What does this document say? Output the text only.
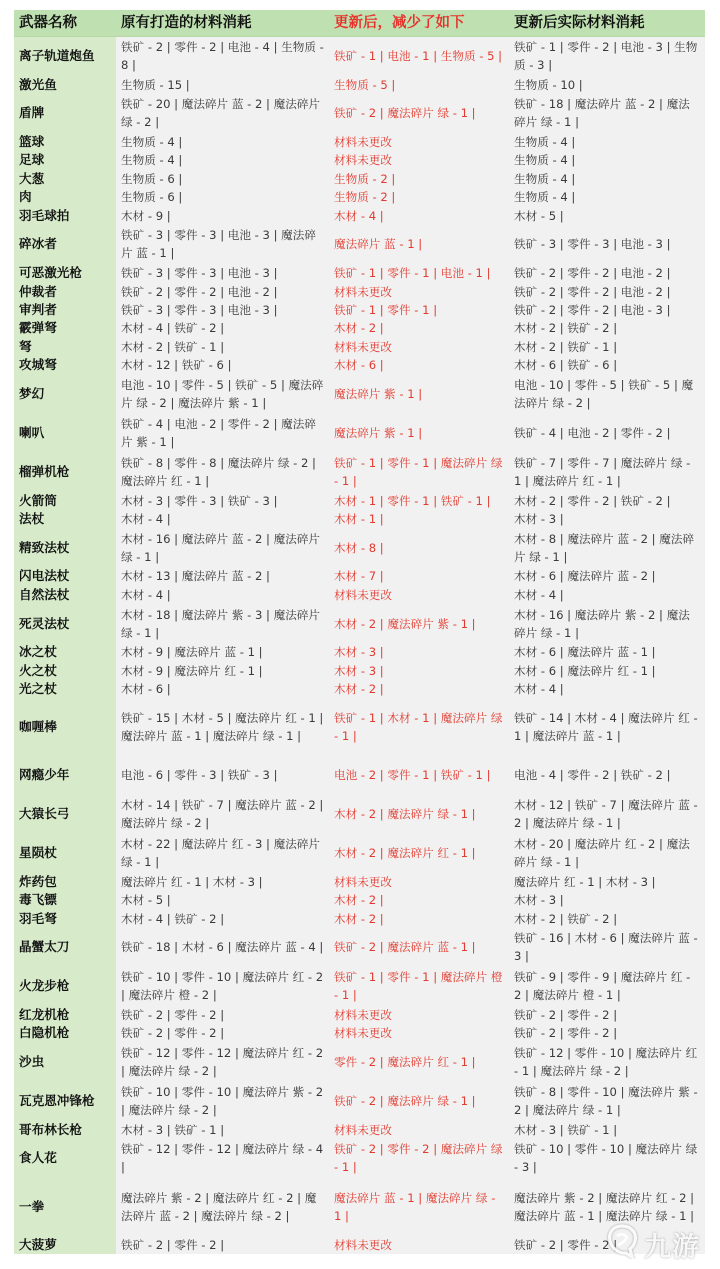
武器名称	原有打造的材料消耗	更新后，减少了如下	更新后实际材料消耗
离子轨道炮鱼	铁矿 - 2 | 零件 - 2 | 电池 - 4 | 生物质 - 8 |	铁矿 - 1 | 电池 - 1 | 生物质 - 5 |	铁矿 - 1 | 零件 - 2 | 电池 - 3 | 生物质 - 3 |
激光鱼	生物质 - 15 |	生物质 - 5 |	生物质 - 10 |
盾牌	铁矿 - 20 | 魔法碎片 蓝 - 2 | 魔法碎片 绿 - 2 |	铁矿 - 2 | 魔法碎片 绿 - 1 |	铁矿 - 18 | 魔法碎片 蓝 - 2 | 魔法碎片 绿 - 1 |
篮球	生物质 - 4 |	材料未更改	生物质 - 4 |
足球	生物质 - 4 |	材料未更改	生物质 - 4 |
大葱	生物质 - 6 |	生物质 - 2 |	生物质 - 4 |
肉	生物质 - 6 |	生物质 - 2 |	生物质 - 4 |
羽毛球拍	木材 - 9 |	木材 - 4 |	木材 - 5 |
碎冰者	铁矿 - 3 | 零件 - 3 | 电池 - 3 | 魔法碎片 蓝 - 1 |	魔法碎片 蓝 - 1 |	铁矿 - 3 | 零件 - 3 | 电池 - 3 |
可恶激光枪	铁矿 - 3 | 零件 - 3 | 电池 - 3 |	铁矿 - 1 | 零件 - 1 | 电池 - 1 |	铁矿 - 2 | 零件 - 2 | 电池 - 2 |
仲裁者	铁矿 - 2 | 零件 - 2 | 电池 - 2 |	材料未更改	铁矿 - 2 | 零件 - 2 | 电池 - 2 |
审判者	铁矿 - 3 | 零件 - 3 | 电池 - 3 |	铁矿 - 1 | 零件 - 1 |	铁矿 - 2 | 零件 - 2 | 电池 - 3 |
霰弹弩	木材 - 4 | 铁矿 - 2 |	木材 - 2 |	木材 - 2 | 铁矿 - 2 |
弩	木材 - 2 | 铁矿 - 1 |	材料未更改	木材 - 2 | 铁矿 - 1 |
攻城弩	木材 - 12 | 铁矿 - 6 |	木材 - 6 |	木材 - 6 | 铁矿 - 6 |
梦幻	电池 - 10 | 零件 - 5 | 铁矿 - 5 | 魔法碎片 绿 - 2 | 魔法碎片 紫 - 1 |	魔法碎片 紫 - 1 |	电池 - 10 | 零件 - 5 | 铁矿 - 5 | 魔法碎片 绿 - 2 |
喇叭	铁矿 - 4 | 电池 - 2 | 零件 - 2 | 魔法碎片 紫 - 1 |	魔法碎片 紫 - 1 |	铁矿 - 4 | 电池 - 2 | 零件 - 2 |
榴弹机枪	铁矿 - 8 | 零件 - 8 | 魔法碎片 绿 - 2 | 魔法碎片 红 - 1 |	铁矿 - 1 | 零件 - 1 | 魔法碎片 绿 - 1 |	铁矿 - 7 | 零件 - 7 | 魔法碎片 绿 - 1 | 魔法碎片 红 - 1 |
火箭筒	木材 - 3 | 零件 - 3 | 铁矿 - 3 |	木材 - 1 | 零件 - 1 | 铁矿 - 1 |	木材 - 2 | 零件 - 2 | 铁矿 - 2 |
法杖	木材 - 4 |	木材 - 1 |	木材 - 3 |
精致法杖	木材 - 16 | 魔法碎片 蓝 - 2 | 魔法碎片 绿 - 1 |	木材 - 8 |	木材 - 8 | 魔法碎片 蓝 - 2 | 魔法碎片 绿 - 1 |
闪电法杖	木材 - 13 | 魔法碎片 蓝 - 2 |	木材 - 7 |	木材 - 6 | 魔法碎片 蓝 - 2 |
自然法杖	木材 - 4 |	材料未更改	木材 - 4 |
死灵法杖	木材 - 18 | 魔法碎片 紫 - 3 | 魔法碎片 绿 - 1 |	木材 - 2 | 魔法碎片 紫 - 1 |	木材 - 16 | 魔法碎片 紫 - 2 | 魔法碎片 绿 - 1 |
冰之杖	木材 - 9 | 魔法碎片 蓝 - 1 |	木材 - 3 |	木材 - 6 | 魔法碎片 蓝 - 1 |
火之杖	木材 - 9 | 魔法碎片 红 - 1 |	木材 - 3 |	木材 - 6 | 魔法碎片 红 - 1 |
光之杖	木材 - 6 |	木材 - 2 |	木材 - 4 |
咖喱棒	铁矿 - 15 | 木材 - 5 | 魔法碎片 红 - 1 | 魔法碎片 蓝 - 1 | 魔法碎片 绿 - 1 |	铁矿 - 1 | 木材 - 1 | 魔法碎片 绿 - 1 |	铁矿 - 14 | 木材 - 4 | 魔法碎片 红 - 1 | 魔法碎片 蓝 - 1 |
网瘾少年	电池 - 6 | 零件 - 3 | 铁矿 - 3 |	电池 - 2 | 零件 - 1 | 铁矿 - 1 |	电池 - 4 | 零件 - 2 | 铁矿 - 2 |
大猿长弓	木材 - 14 | 铁矿 - 7 | 魔法碎片 蓝 - 2 | 魔法碎片 绿 - 2 |	木材 - 2 | 魔法碎片 绿 - 1 |	木材 - 12 | 铁矿 - 7 | 魔法碎片 蓝 - 2 | 魔法碎片 绿 - 1 |
星陨杖	木材 - 22 | 魔法碎片 红 - 3 | 魔法碎片 绿 - 1 |	木材 - 2 | 魔法碎片 红 - 1 |	木材 - 20 | 魔法碎片 红 - 2 | 魔法碎片 绿 - 1 |
炸药包	魔法碎片 红 - 1 | 木材 - 3 |	材料未更改	魔法碎片 红 - 1 | 木材 - 3 |
毒飞镖	木材 - 5 |	木材 - 2 |	木材 - 3 |
羽毛弩	木材 - 4 | 铁矿 - 2 |	木材 - 2 |	木材 - 2 | 铁矿 - 2 |
晶蟹太刀	铁矿 - 18 | 木材 - 6 | 魔法碎片 蓝 - 4 |	铁矿 - 2 | 魔法碎片 蓝 - 1 |	铁矿 - 16 | 木材 - 6 | 魔法碎片 蓝 - 3 |
火龙步枪	铁矿 - 10 | 零件 - 10 | 魔法碎片 红 - 2 | 魔法碎片 橙 - 2 |	铁矿 - 1 | 零件 - 1 | 魔法碎片 橙 - 1 |	铁矿 - 9 | 零件 - 9 | 魔法碎片 红 - 2 | 魔法碎片 橙 - 1 |
红龙机枪	铁矿 - 2 | 零件 - 2 |	材料未更改	铁矿 - 2 | 零件 - 2 |
白隐机枪	铁矿 - 2 | 零件 - 2 |	材料未更改	铁矿 - 2 | 零件 - 2 |
沙虫	铁矿 - 12 | 零件 - 12 | 魔法碎片 红 - 2 | 魔法碎片 绿 - 2 |	零件 - 2 | 魔法碎片 红 - 1 |	铁矿 - 12 | 零件 - 10 | 魔法碎片 红 - 1 | 魔法碎片 绿 - 2 |
瓦克恩冲锋枪	铁矿 - 10 | 零件 - 10 | 魔法碎片 紫 - 2 | 魔法碎片 绿 - 2 |	铁矿 - 2 | 魔法碎片 绿 - 1 |	铁矿 - 8 | 零件 - 10 | 魔法碎片 紫 - 2 | 魔法碎片 绿 - 1 |
哥布林长枪	木材 - 3 | 铁矿 - 1 |	材料未更改	木材 - 3 | 铁矿 - 1 |
食人花	铁矿 - 12 | 零件 - 12 | 魔法碎片 绿 - 4 |	铁矿 - 2 | 零件 - 2 | 魔法碎片 绿 - 1 |	铁矿 - 10 | 零件 - 10 | 魔法碎片 绿 - 3 |
一拳	魔法碎片 紫 - 2 | 魔法碎片 红 - 2 | 魔法碎片 蓝 - 2 | 魔法碎片 绿 - 2 |	魔法碎片 蓝 - 1 | 魔法碎片 绿 - 1 |	魔法碎片 紫 - 2 | 魔法碎片 红 - 2 | 魔法碎片 蓝 - 1 | 魔法碎片 绿 - 1 |
大菠萝	铁矿 - 2 | 零件 - 2 |	材料未更改	铁矿 - 2 | 零件 - 2 | 九游
